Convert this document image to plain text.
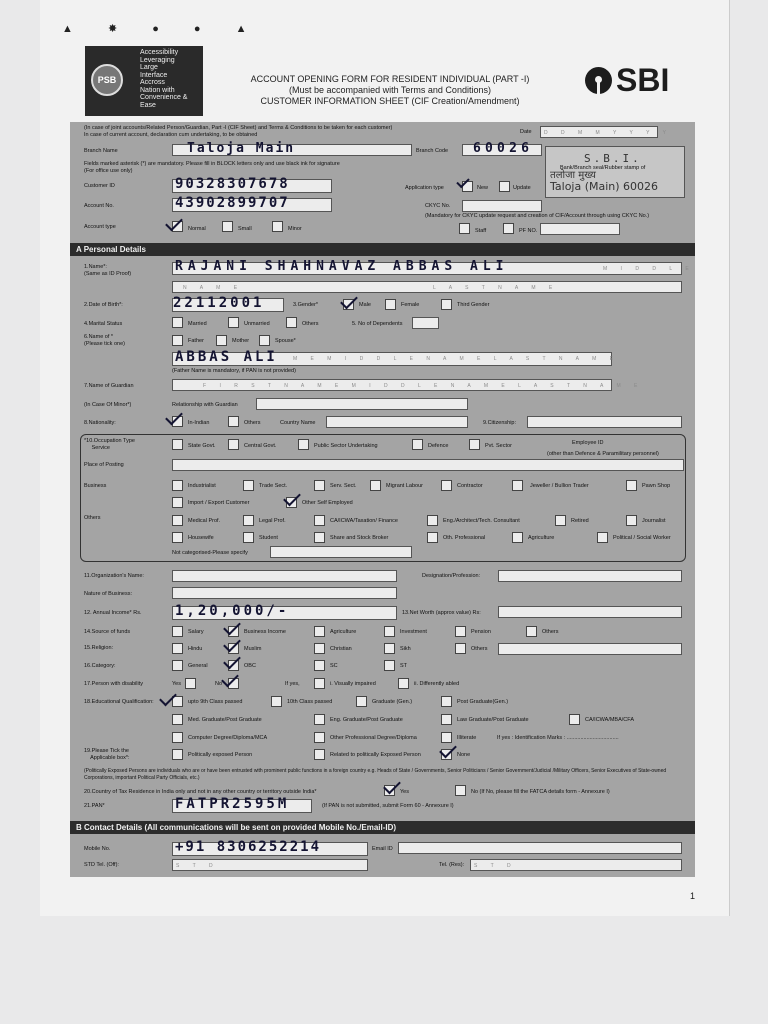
▲ ✸ ● ● ▲
PSB
Accessibility
Leveraging
Large
Interface
Accross
Nation with
Convenience &
Ease
ACCOUNT OPENING FORM FOR RESIDENT INDIVIDUAL (PART -I)
(Must be accompanied with Terms and Conditions)
CUSTOMER INFORMATION SHEET (CIF Creation/Amendment)
SBI
(In case of joint accounts/Related Person/Guardian, Part -I (CIF Sheet) and Terms & Conditions to be taken for each customer)
In case of current account, declaration cum undertaking, to be obtained	Date D D M M Y Y Y Y
Branch Name	Taloja Main	Branch Code 60026
Fields marked asterisk (*) are mandatory. Please fill in BLOCK letters only and use black ink for signature
(For office use only)
Customer ID	90328307678	Application type	New	Update
Account No.	43902899707	CKYC No.
(Mandatory for CKYC update request and creation of CIF/Account through using CKYC No.)
Bank/Branch seal/Rubber stamp of
S.B.I.
तलोजा मुख्य
Taloja (Main) 60026
Account type	Normal	Small	Minor	Staff	PF NO.
A Personal Details
1.Name*:
(Same as ID Proof)	RAJANI SHAHNAVAZ ABBAS ALI	M I D D L E
N A M E	L A S T N A M E
2.Date of Birth*:	22112001	3.Gender*	Male	Female	Third Gender
4.Marital Status	Married	Unmarried	Others	5. No of Dependents
6.Name of *
(Please tick one)	Father	Mother	Spouse*
ABBAS ALI	M E M I D D L E N A M E L A S T N A M E
(Father Name is mandatory, if PAN is not provided)
7.Name of Guardian	F I R S T N A M E M I D D L E N A M E L A S T N A M E
(In Case Of Minor*)	Relationship with Guardian
8.Nationality:	In-Indian	Others	Country Name	9.Citizenship:
*10.Occupation Type
Service	State Govt.	Central Govt.	Public Sector Undertaking	Defence	Pvt. Sector	Employee ID
(other than Defence & Paramilitary personnel)
Place of Posting
Business	Industrialist	Trade Sect.	Serv. Sect.	Migrant Labour	Contractor	Jeweller / Bullion Trader	Pawn Shop
Import / Export Customer	Other Self Employed
Others	Medical Prof.	Legal Prof.	CA/ICWA/Taxation/ Finance	Eng./Architect/Tech. Consultant	Retired	Journalist
Housewife	Student	Share and Stock Broker	Oth. Professional	Agriculture	Political / Social Worker
Not categorised-Please specify
11.Organization's Name:	Designation/Profession:
Nature of Business:
12. Annual Income* Rs. 1,20,000/-	13.Net Worth (approx value) Rs:
14.Source of funds	Salary	Business Income	Agriculture	Investment	Pension	Others
15.Religion:	Hindu	Muslim	Christian	Sikh	Others
16.Category:	General	OBC	SC	ST
17.Person with disability	Yes	No	If yes,	i. Visually impaired	ii. Differently abled
18.Educational Qualification:	upto 9th Class passed	10th Class passed	Graduate (Gen.)	Post Graduate(Gen.)
Med. Graduate/Post Graduate	Eng. Graduate/Post Graduate	Law Graduate/Post Graduate	CA/ICWA/MBA/CFA
Computer Degree/Diploma/MCA	Other Professional Degree/Diploma	Illiterate	If yes : Identification Marks : ..................................
19.Please Tick the
Applicable box*:	Politically exposed Person	Related to politically Exposed Person	None
(Politically Exposed Persons are individuals who are or have been entrusted with prominent public functions in a foreign country e.g. Heads of State / Governments, Senior Politicians / Senior Government/Judicial /Military Officers, Senior Executives of State-owned Corporations, important Political Party Officials, etc.)
20.Country of Tax Residence in India only and not in any other country or territory outside India*	Yes	No (If No, please fill the FATCA details form - Annexure I)
21.PAN*	FATPR2595M	(If PAN is not submitted, submit Form 60 - Annexure I)
B Contact Details (All communications will be sent on provided Mobile No./Email-ID)
Mobile No.	+91 8306252214	Email ID
STD Tel. (Off):	S T D	Tel. (Res): S T D
1
